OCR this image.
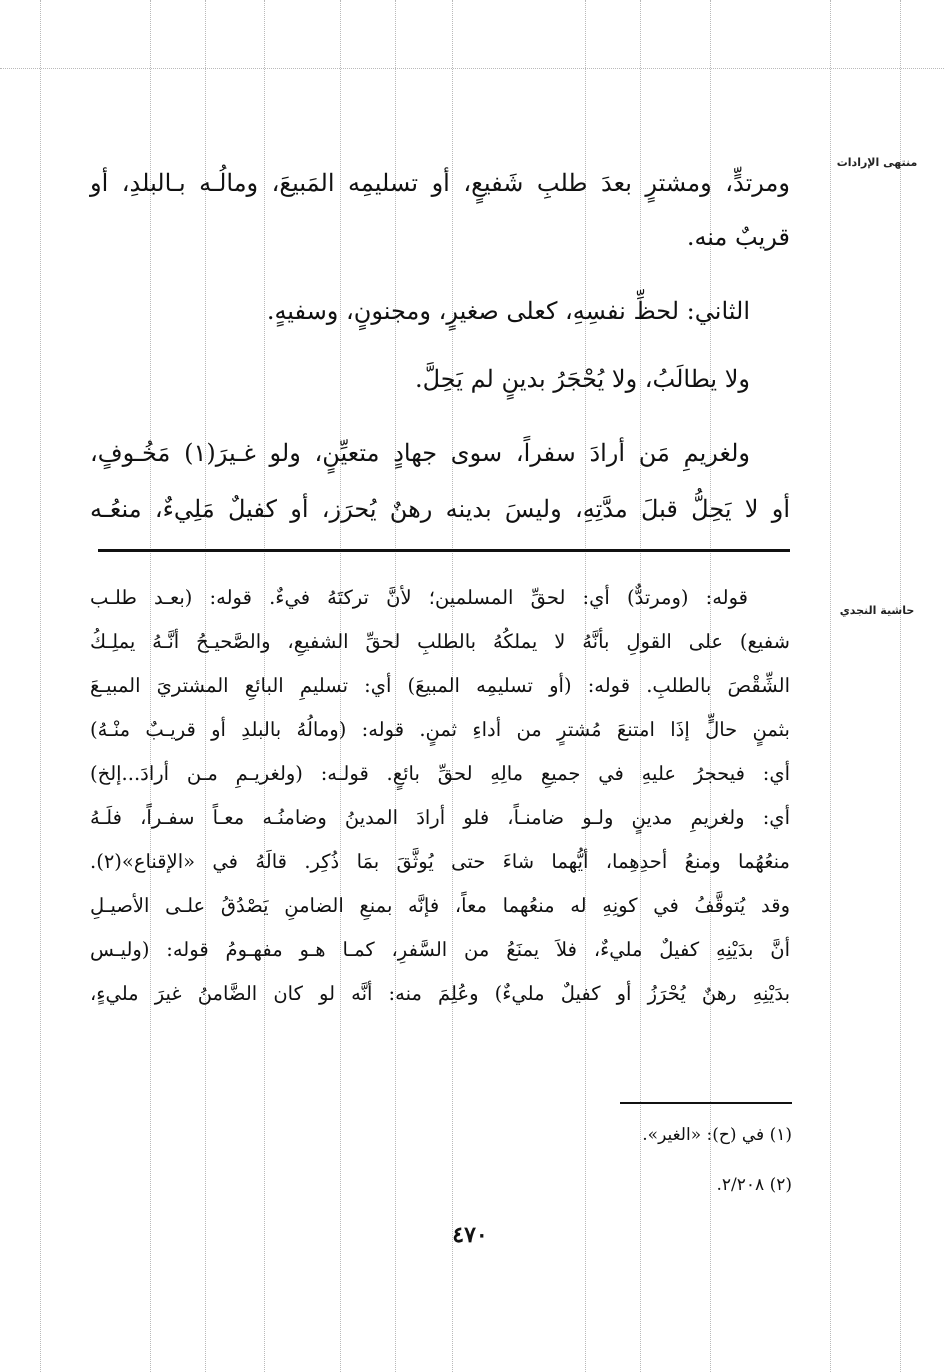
منتهى الإرادات
حاشية النجدي
ومرتدٍّ، ومشترٍ بعدَ طلبِ شَفيعٍ، أو تسليمِه المَبيعَ، ومالُـه بـالبلدِ، أو
قريبٌ منه.
الثاني: لحظِّ نفسِهِ، كعلى صغيرٍ، ومجنونٍ، وسفيهٍ.
ولا يطالَبُ، ولا يُحْجَرُ بدينٍ لم يَحِلَّ.
ولغريمِ مَن أرادَ سفراً، سوى جهادٍ متعيِّنٍ، ولو غـيرَ(١) مَخُـوفٍ،
أو لا يَحِلُّ قبلَ مدَّتِهِ، وليسَ بدينه رهنٌ يُحرَز، أو كفيلٌ مَلِيءٌ، منعُـه
قوله: (ومرتدٌّ) أي: لحقِّ المسلمين؛ لأنَّ تركتَهُ فيءٌ. قوله: (بعـد طلـب
شفيع) على القولِ بأنَّهُ لا يملكُهُ بالطلبِ لحقِّ الشفيعِ، والصَّحيـحُ أنَّـهُ يملِـكُ
الشِّقْصَ بالطلبِ. قوله: (أو تسليمِه المبيعَ) أي: تسليمِ البائعِ المشتريَ المبيـعَ
بثمنٍ حالٍّ إذَا امتنعَ مُشترٍ من أداءِ ثمنٍ. قوله: (ومالُهُ بالبلدِ أو قريـبٌ منْـهُ)
أي: فيحجرُ عليهِ في جميعِ مالِهِ لحقِّ بائعٍ. قولـه: (ولغريـمِ مـن أرادَ...إلخ)
أي: ولغريمِ مدينٍ ولـو ضامنـاً، فلو أرادَ المدينُ وضامنُـه معـاً سفـراً، فلَـهُ
منعُهُما ومنعُ أحدِهِما، أيُّهما شاءَ حتى يُوثَّقَ بمَا ذُكِر. قالَهُ في «الإقناع»(٢).
وقد يُتوقَّفُ في كونِهِ له منعُهما معاً، فإنَّه بمنعِ الضامنِ يَصْدُقُ علـى الأصيـلِ
أنَّ بدَيْنِهِ كفيلٌ مليءٌ، فلاَ يمنَعُ من السَّفرِ، كمـا هـو مفهـومُ قوله: (وليـس
بدَيْنِهِ رهنٌ يُحْرَزُ أو كفيلٌ مليءٌ) وعُلِمَ منه: أنَّه لو كان الضَّامنُ غيرَ مليءٍ،
(١) في (ح): «الغير».
(٢) ٢/٢٠٨.
٤٧٠
